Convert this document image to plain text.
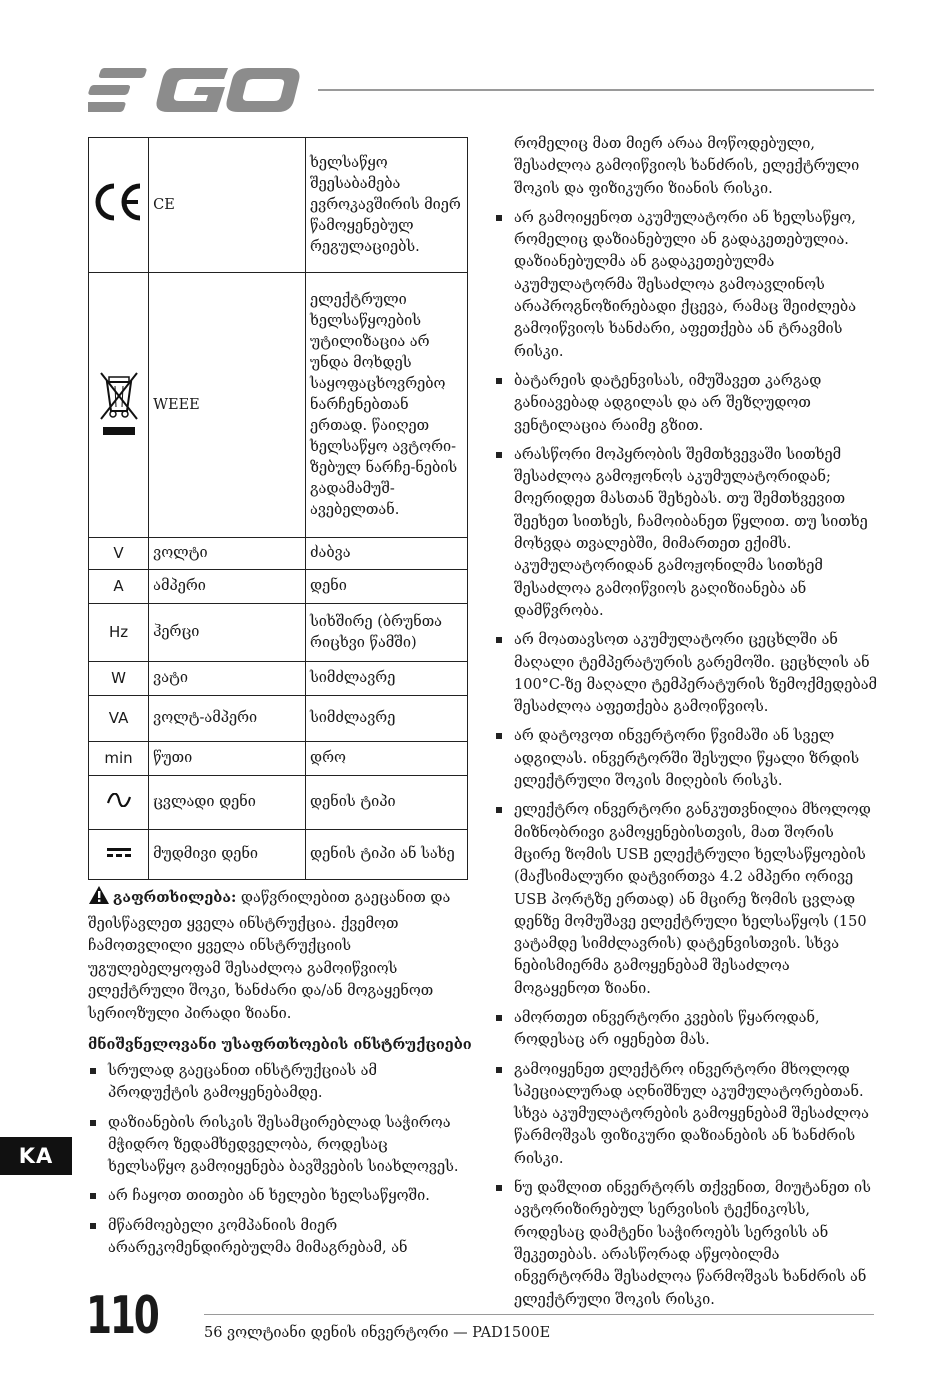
	CE	ხელსაწყო შეესაბამება ევროკავშირის მიერ წამოყენებულ რეგულაციებს.
	WEEE	ელექტრული ხელსაწყოების უტილიზაცია არ უნდა მოხდეს საყოფაცხოვრებო ნარჩენებთან ერთად. წაიღეთ ხელსაწყო ავტორი-ზებულ ნარჩე-ნების გადამამუშ-ავებელთან.
V	ვოლტი	ძაბვა
A	ამპერი	დენი
Hz	ჰერცი	სიხშირე (ბრუნთა რიცხვი წამში)
W	ვატი	სიმძლავრე
VA	ვოლტ-ამპერი	სიმძლავრე
min	წუთი	დრო
	ცვლადი დენი	დენის ტიპი
	მუდმივი დენი	დენის ტიპი ან სახე
გაფრთხილება: დაწვრილებით გაეცანით და შეისწავლეთ ყველა ინსტრუქცია. ქვემოთ ჩამოთვლილი ყველა ინსტრუქციის უგულებელყოფამ შესაძლოა გამოიწვიოს ელექტრული შოკი, ხანძარი და/ან მოგაყენოთ სერიოზული პირადი ზიანი.
მნიშვნელოვანი უსაფრთხოების ინსტრუქციები
სრულად გაეცანით ინსტრუქციას ამ პროდუქტის გამოყენებამდე.
დაზიანების რისკის შესამცირებლად საჭიროა მჭიდრო ზედამხედველობა, როდესაც ხელსაწყო გამოიყენება ბავშვების სიახლოვეს.
არ ჩაყოთ თითები ან ხელები ხელსაწყოში.
მწარმოებელი კომპანიის მიერ არარეკომენდირებულმა მიმაგრებამ, ან
რომელიც მათ მიერ არაა მოწოდებული, შესაძლოა გამოიწვიოს ხანძრის, ელექტრული შოკის და ფიზიკური ზიანის რისკი.
არ გამოიყენოთ აკუმულატორი ან ხელსაწყო, რომელიც დაზიანებული ან გადაკეთებულია. დაზიანებულმა ან გადაკეთებულმა აკუმულატორმა შესაძლოა გამოავლინოს არაპროგნოზირებადი ქცევა, რამაც შეიძლება გამოიწვიოს ხანძარი, აფეთქება ან ტრავმის რისკი.
ბატარეის დატენვისას, იმუშავეთ კარგად განიავებად ადგილას და არ შეზღუდოთ ვენტილაცია რაიმე გზით.
არასწორი მოპყრობის შემთხვევაში სითხემ შესაძლოა გამოჟონოს აკუმულატორიდან; მოერიდეთ მასთან შეხებას. თუ შემთხვევით შეეხეთ სითხეს, ჩამოიბანეთ წყლით. თუ სითხე მოხვდა თვალებში, მიმართეთ ექიმს. აკუმულატორიდან გამოჟონილმა სითხემ შესაძლოა გამოიწვიოს გაღიზიანება ან დამწვრობა.
არ მოათავსოთ აკუმულატორი ცეცხლში ან მაღალი ტემპერატურის გარემოში. ცეცხლის ან 100°C-ზე მაღალი ტემპერატურის ზემოქმედებამ შესაძლოა აფეთქება გამოიწვიოს.
არ დატოვოთ ინვერტორი წვიმაში ან სველ ადგილას. ინვერტორში შესული წყალი ზრდის ელექტრული შოკის მიღების რისკს.
ელექტრო ინვერტორი განკუთვნილია მხოლოდ მიზნობრივი გამოყენებისთვის, მათ შორის მცირე ზომის USB ელექტრული ხელსაწყოების (მაქსიმალური დატვირთვა 4.2 ამპერი ორივე USB პორტზე ერთად) ან მცირე ზომის ცვლად დენზე მომუშავე ელექტრული ხელსაწყოს (150 ვატამდე სიმძლავრის) დატენვისთვის. სხვა ნებისმიერმა გამოყენებამ შესაძლოა მოგაყენოთ ზიანი.
ამორთეთ ინვერტორი კვების წყაროდან, როდესაც არ იყენებთ მას.
გამოიყენეთ ელექტრო ინვერტორი მხოლოდ სპეციალურად აღნიშნულ აკუმულატორებთან. სხვა აკუმულატორების გამოყენებამ შესაძლოა წარმოშვას ფიზიკური დაზიანების ან ხანძრის რისკი.
ნუ დაშლით ინვერტორს თქვენით, მიუტანეთ ის ავტორიზირებულ სერვისის ტექნიკოსს, როდესაც დამტენი საჭიროებს სერვისს ან შეკეთებას. არასწორად აწყობილმა ინვერტორმა შესაძლოა წარმოშვას ხანძრის ან ელექტრული შოკის რისკი.
KA
110	56 ვოლტიანი დენის ინვერტორი — PAD1500E
